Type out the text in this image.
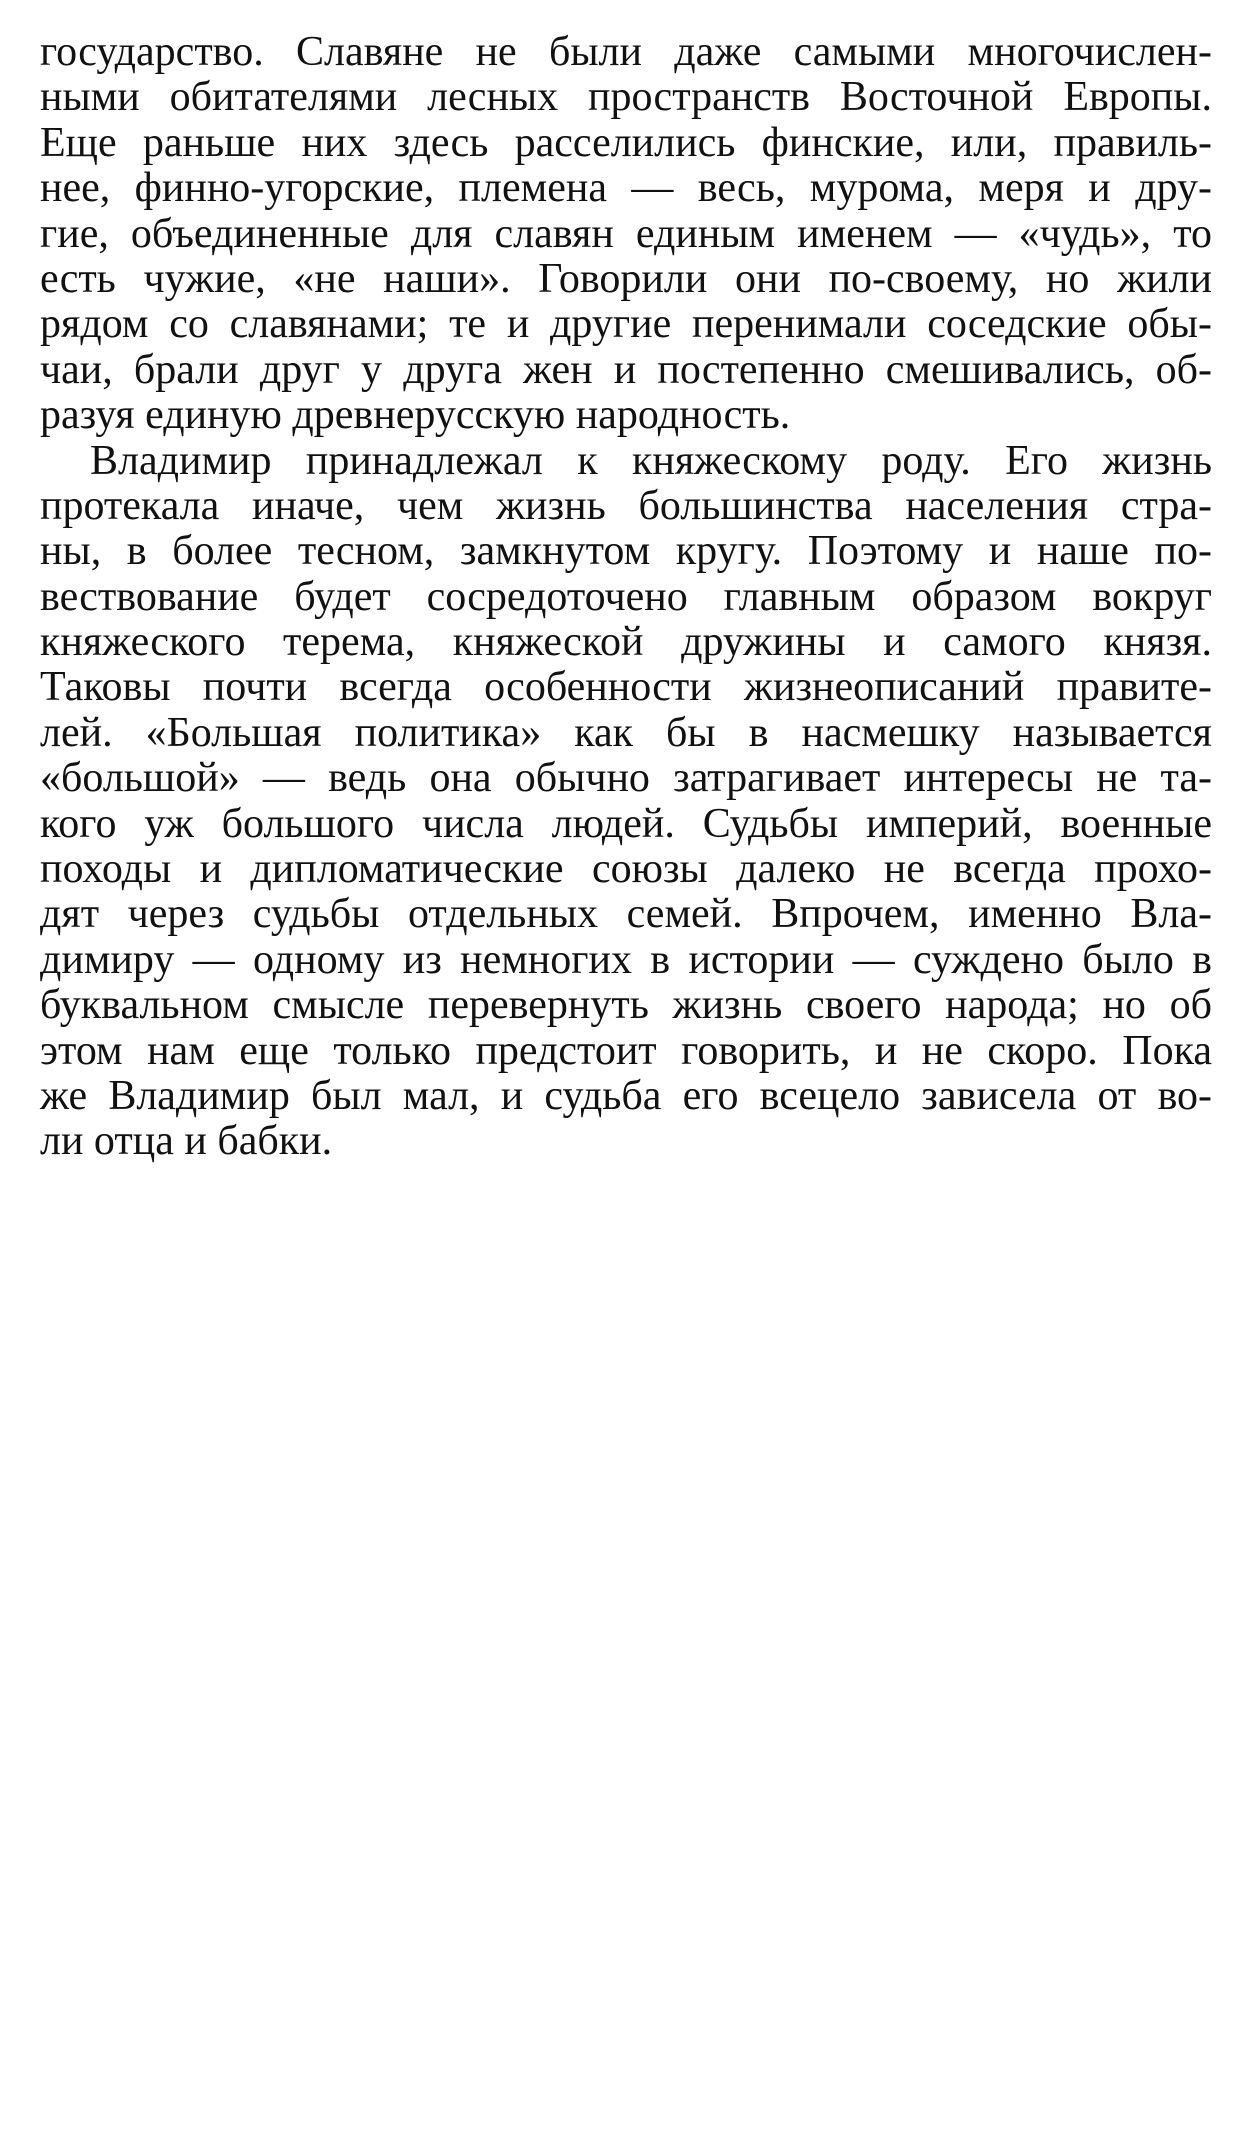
государство. Славяне не были даже самыми многочислен-
ными обитателями лесных пространств Восточной Европы.
Еще раньше них здесь расселились финские, или, правиль-
нее, финно-угорские, племена — весь, мурома, меря и дру-
гие, объединенные для славян единым именем — «чудь», то
есть чужие, «не наши». Говорили они по-своему, но жили
рядом со славянами; те и другие перенимали соседские обы-
чаи, брали друг у друга жен и постепенно смешивались, об-
разуя единую древнерусскую народность.
Владимир принадлежал к княжескому роду. Его жизнь
протекала иначе, чем жизнь большинства населения стра-
ны, в более тесном, замкнутом кругу. Поэтому и наше по-
вествование будет сосредоточено главным образом вокруг
княжеского терема, княжеской дружины и самого князя.
Таковы почти всегда особенности жизнеописаний правите-
лей. «Большая политика» как бы в насмешку называется
«большой» — ведь она обычно затрагивает интересы не та-
кого уж большого числа людей. Судьбы империй, военные
походы и дипломатические союзы далеко не всегда прохо-
дят через судьбы отдельных семей. Впрочем, именно Вла-
димиру — одному из немногих в истории — суждено было в
буквальном смысле перевернуть жизнь своего народа; но об
этом нам еще только предстоит говорить, и не скоро. Пока
же Владимир был мал, и судьба его всецело зависела от во-
ли отца и бабки.
